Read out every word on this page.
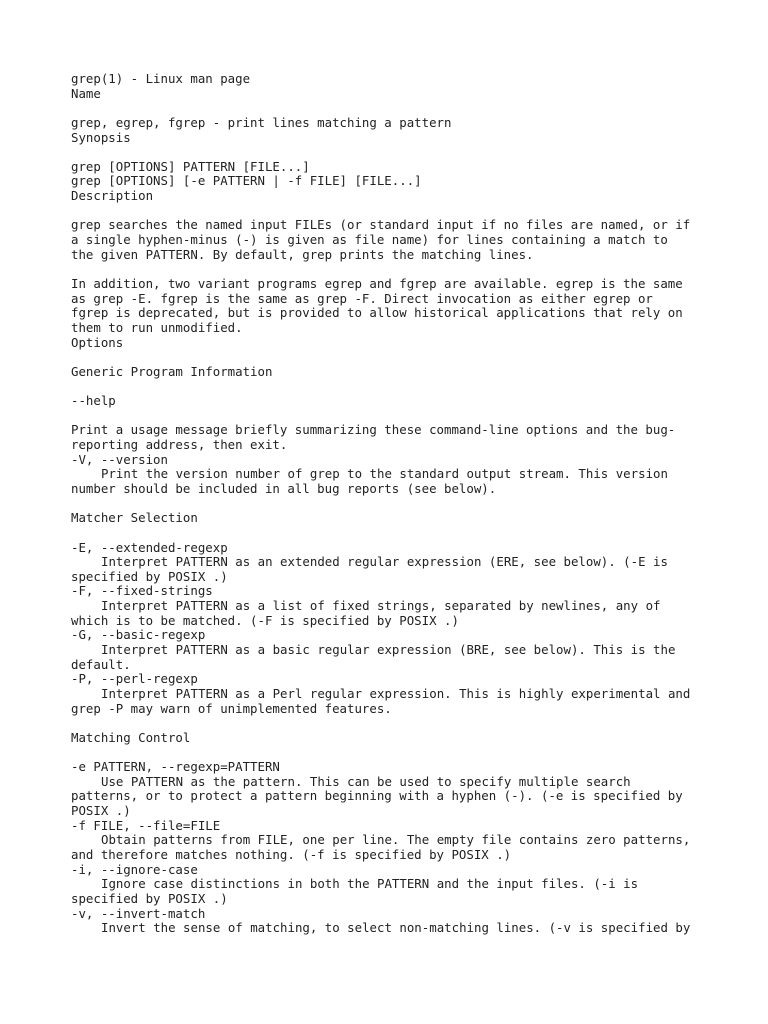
grep(1) - Linux man page
Name
grep, egrep, fgrep - print lines matching a pattern
Synopsis
grep [OPTIONS] PATTERN [FILE...]
grep [OPTIONS] [-e PATTERN | -f FILE] [FILE...]
Description
grep searches the named input FILEs (or standard input if no files are named, or if
a single hyphen-minus (-) is given as file name) for lines containing a match to
the given PATTERN. By default, grep prints the matching lines.
In addition, two variant programs egrep and fgrep are available. egrep is the same
as grep -E. fgrep is the same as grep -F. Direct invocation as either egrep or
fgrep is deprecated, but is provided to allow historical applications that rely on
them to run unmodified.
Options
Generic Program Information
--help
Print a usage message briefly summarizing these command-line options and the bug-
reporting address, then exit.
-V, --version
Print the version number of grep to the standard output stream. This version
number should be included in all bug reports (see below).
Matcher Selection
-E, --extended-regexp
Interpret PATTERN as an extended regular expression (ERE, see below). (-E is
specified by POSIX .)
-F, --fixed-strings
Interpret PATTERN as a list of fixed strings, separated by newlines, any of
which is to be matched. (-F is specified by POSIX .)
-G, --basic-regexp
Interpret PATTERN as a basic regular expression (BRE, see below). This is the
default.
-P, --perl-regexp
Interpret PATTERN as a Perl regular expression. This is highly experimental and
grep -P may warn of unimplemented features.
Matching Control
-e PATTERN, --regexp=PATTERN
Use PATTERN as the pattern. This can be used to specify multiple search
patterns, or to protect a pattern beginning with a hyphen (-). (-e is specified by
POSIX .)
-f FILE, --file=FILE
Obtain patterns from FILE, one per line. The empty file contains zero patterns,
and therefore matches nothing. (-f is specified by POSIX .)
-i, --ignore-case
Ignore case distinctions in both the PATTERN and the input files. (-i is
specified by POSIX .)
-v, --invert-match
Invert the sense of matching, to select non-matching lines. (-v is specified by
